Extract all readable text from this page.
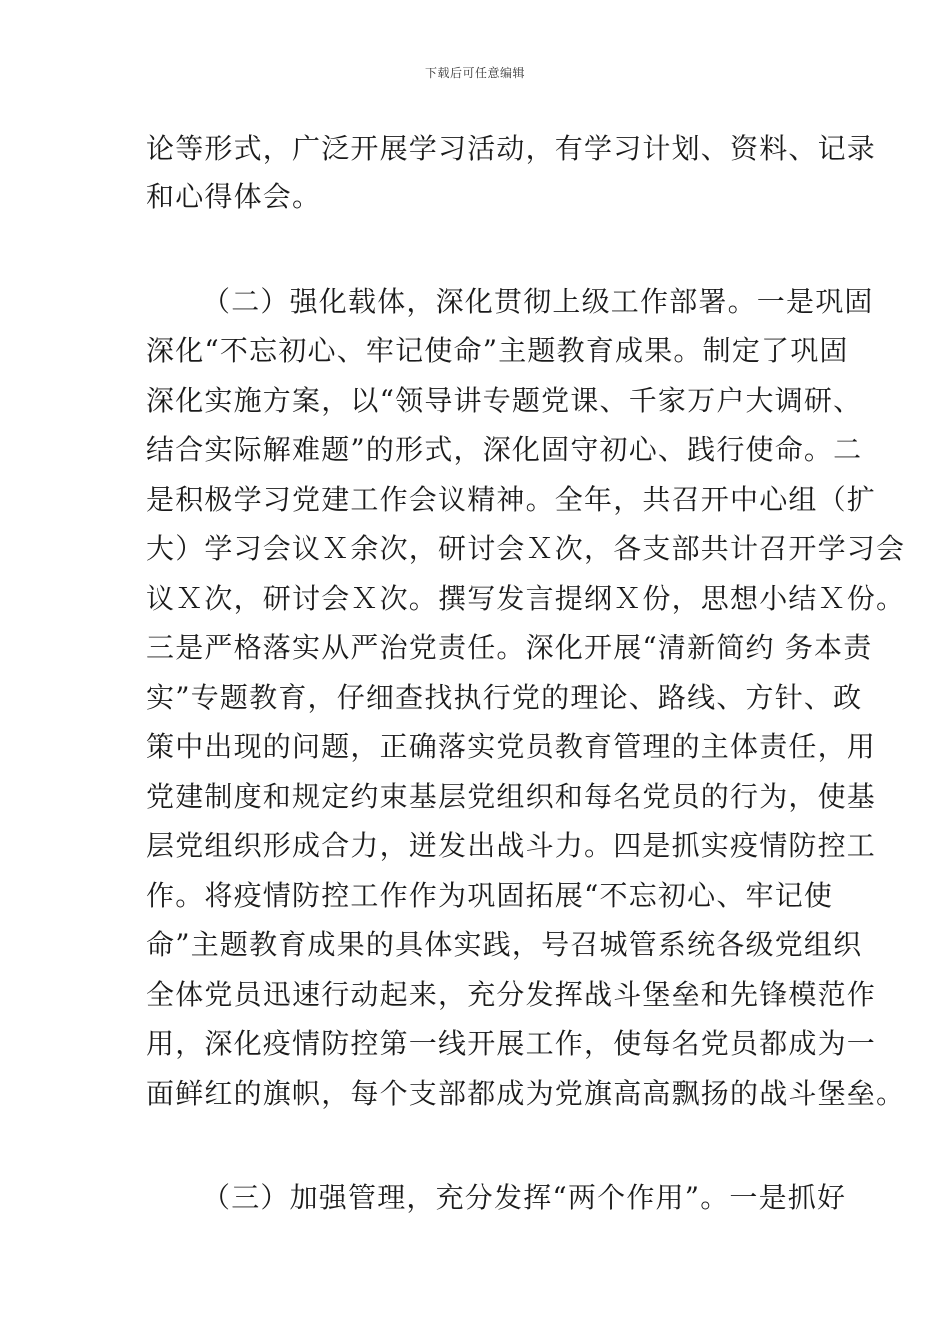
下载后可任意编辑
论等形式，广泛开展学习活动，有学习计划、资料、记录
和心得体会。
（二）强化载体，深化贯彻上级工作部署。一是巩固
深化“不忘初心、牢记使命”主题教育成果。制定了巩固
深化实施方案，以“领导讲专题党课、千家万户大调研、
结合实际解难题”的形式，深化固守初心、践行使命。二
是积极学习党建工作会议精神。全年，共召开中心组（扩
大）学习会议Ｘ余次，研讨会Ｘ次，各支部共计召开学习会
议Ｘ次，研讨会Ｘ次。撰写发言提纲Ｘ份，思想小结Ｘ份。
三是严格落实从严治党责任。深化开展“清新简约 务本责
实”专题教育，仔细查找执行党的理论、路线、方针、政
策中出现的问题，正确落实党员教育管理的主体责任，用
党建制度和规定约束基层党组织和每名党员的行为，使基
层党组织形成合力，迸发出战斗力。四是抓实疫情防控工
作。将疫情防控工作作为巩固拓展“不忘初心、牢记使
命”主题教育成果的具体实践，号召城管系统各级党组织
全体党员迅速行动起来，充分发挥战斗堡垒和先锋模范作
用，深化疫情防控第一线开展工作，使每名党员都成为一
面鲜红的旗帜，每个支部都成为党旗高高飘扬的战斗堡垒。
（三）加强管理，充分发挥“两个作用”。一是抓好
